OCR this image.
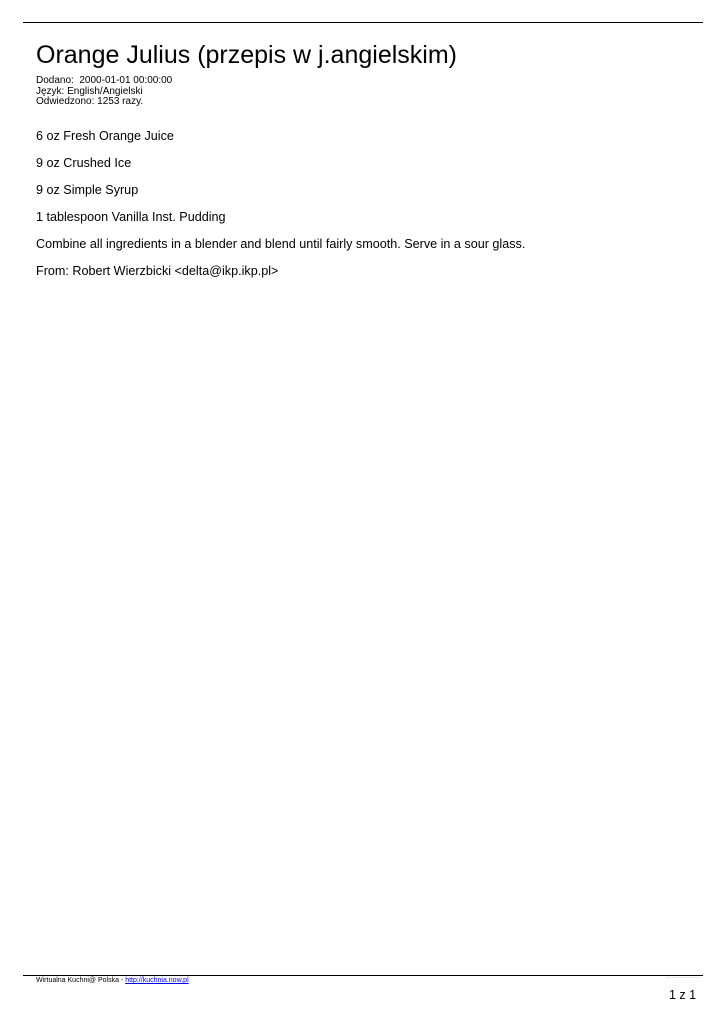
Orange Julius (przepis w j.angielskim)
Dodano:  2000-01-01 00:00:00
Język: English/Angielski
Odwiedzono: 1253 razy.

6 oz Fresh Orange Juice

9 oz Crushed Ice

9 oz Simple Syrup

1 tablespoon Vanilla Inst. Pudding

Combine all ingredients in a blender and blend until fairly smooth. Serve in a sour glass.

From: Robert Wierzbicki <delta@ikp.ikp.pl>

Wirtualna Kuchni@ Polska - http://kuchnia.now.pl
1 z 1
